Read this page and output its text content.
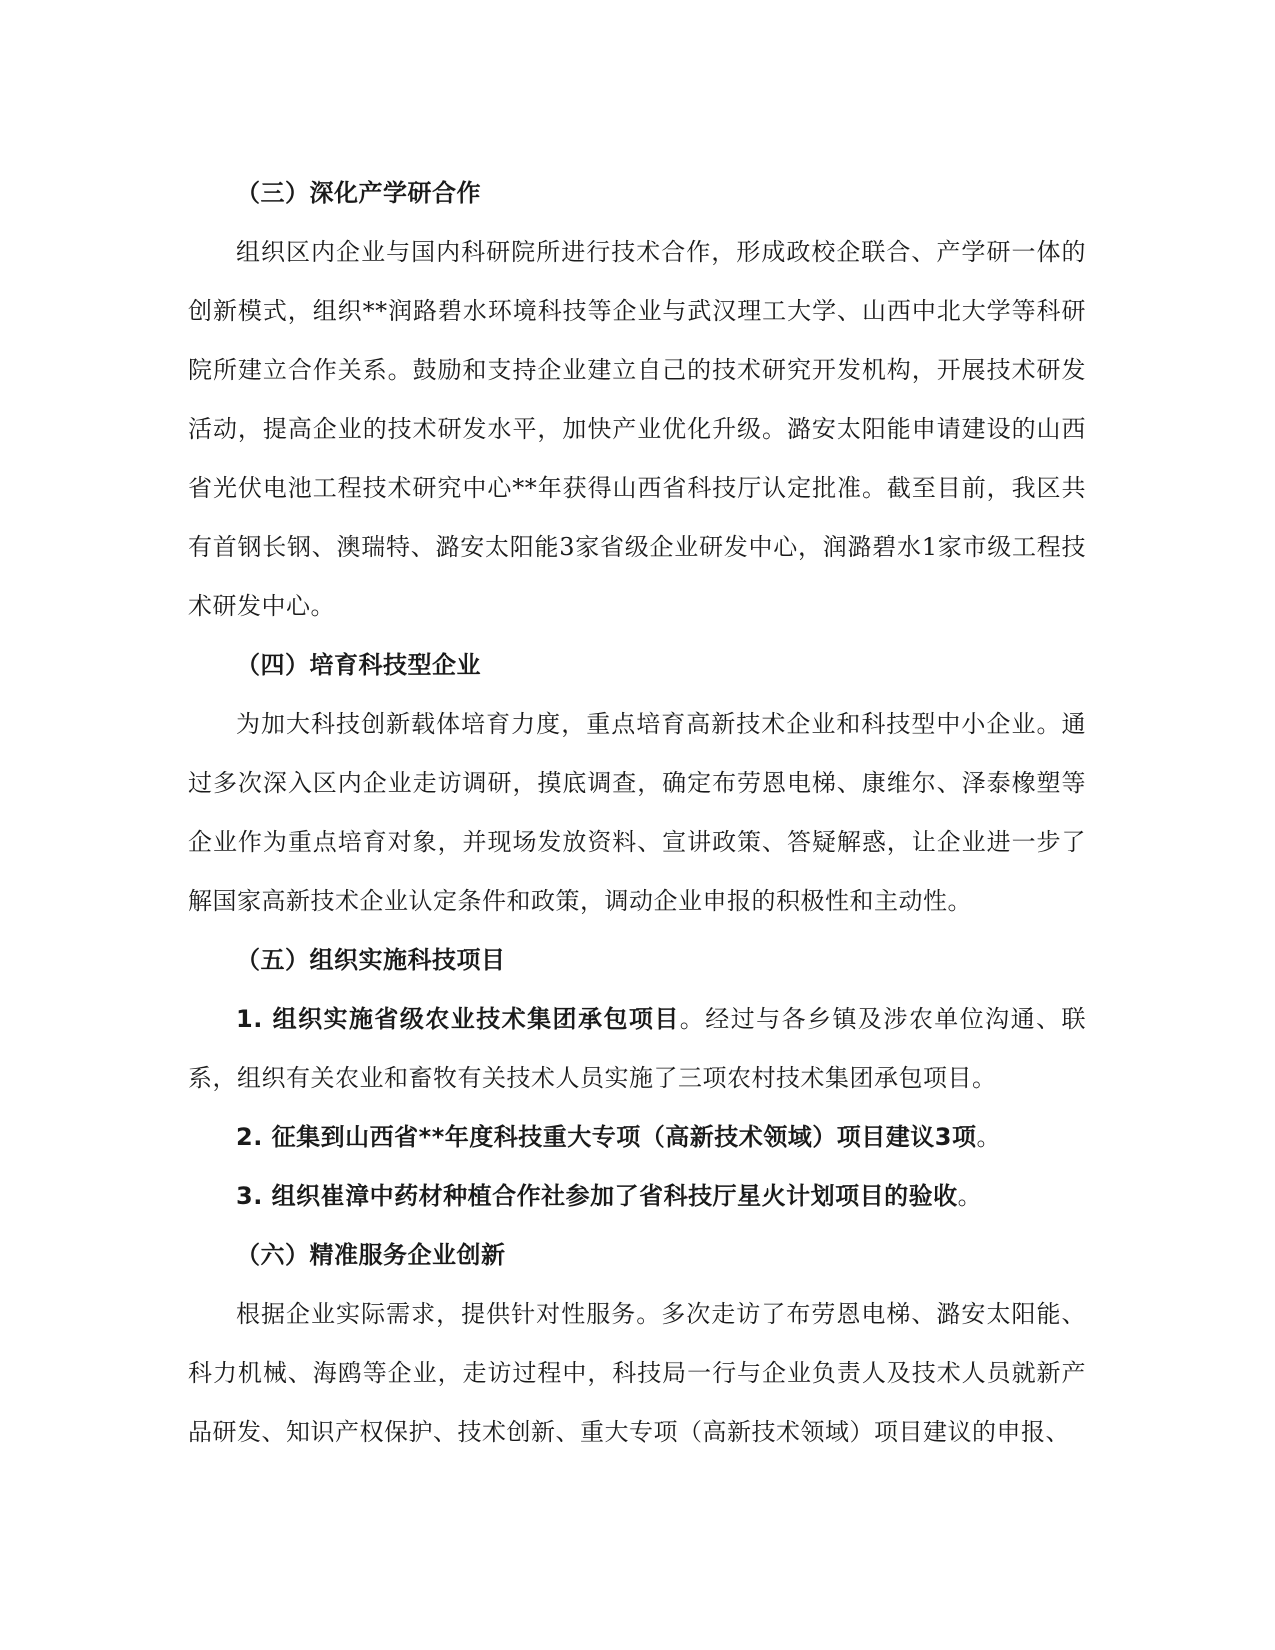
（三）深化产学研合作

组织区内企业与国内科研院所进行技术合作，形成政校企联合、产学研一体的创新模式，组织**润路碧水环境科技等企业与武汉理工大学、山西中北大学等科研院所建立合作关系。鼓励和支持企业建立自己的技术研究开发机构，开展技术研发活动，提高企业的技术研发水平，加快产业优化升级。潞安太阳能申请建设的山西省光伏电池工程技术研究中心**年获得山西省科技厅认定批准。截至目前，我区共有首钢长钢、澳瑞特、潞安太阳能3家省级企业研发中心，润潞碧水1家市级工程技术研发中心。

（四）培育科技型企业

为加大科技创新载体培育力度，重点培育高新技术企业和科技型中小企业。通过多次深入区内企业走访调研，摸底调查，确定布劳恩电梯、康维尔、泽泰橡塑等企业作为重点培育对象，并现场发放资料、宣讲政策、答疑解惑，让企业进一步了解国家高新技术企业认定条件和政策，调动企业申报的积极性和主动性。

（五）组织实施科技项目

1. 组织实施省级农业技术集团承包项目。经过与各乡镇及涉农单位沟通、联系，组织有关农业和畜牧有关技术人员实施了三项农村技术集团承包项目。

2. 征集到山西省**年度科技重大专项（高新技术领域）项目建议3项。

3. 组织崔漳中药材种植合作社参加了省科技厅星火计划项目的验收。

（六）精准服务企业创新

根据企业实际需求，提供针对性服务。多次走访了布劳恩电梯、潞安太阳能、科力机械、海鸥等企业，走访过程中，科技局一行与企业负责人及技术人员就新产品研发、知识产权保护、技术创新、重大专项（高新技术领域）项目建议的申报、
